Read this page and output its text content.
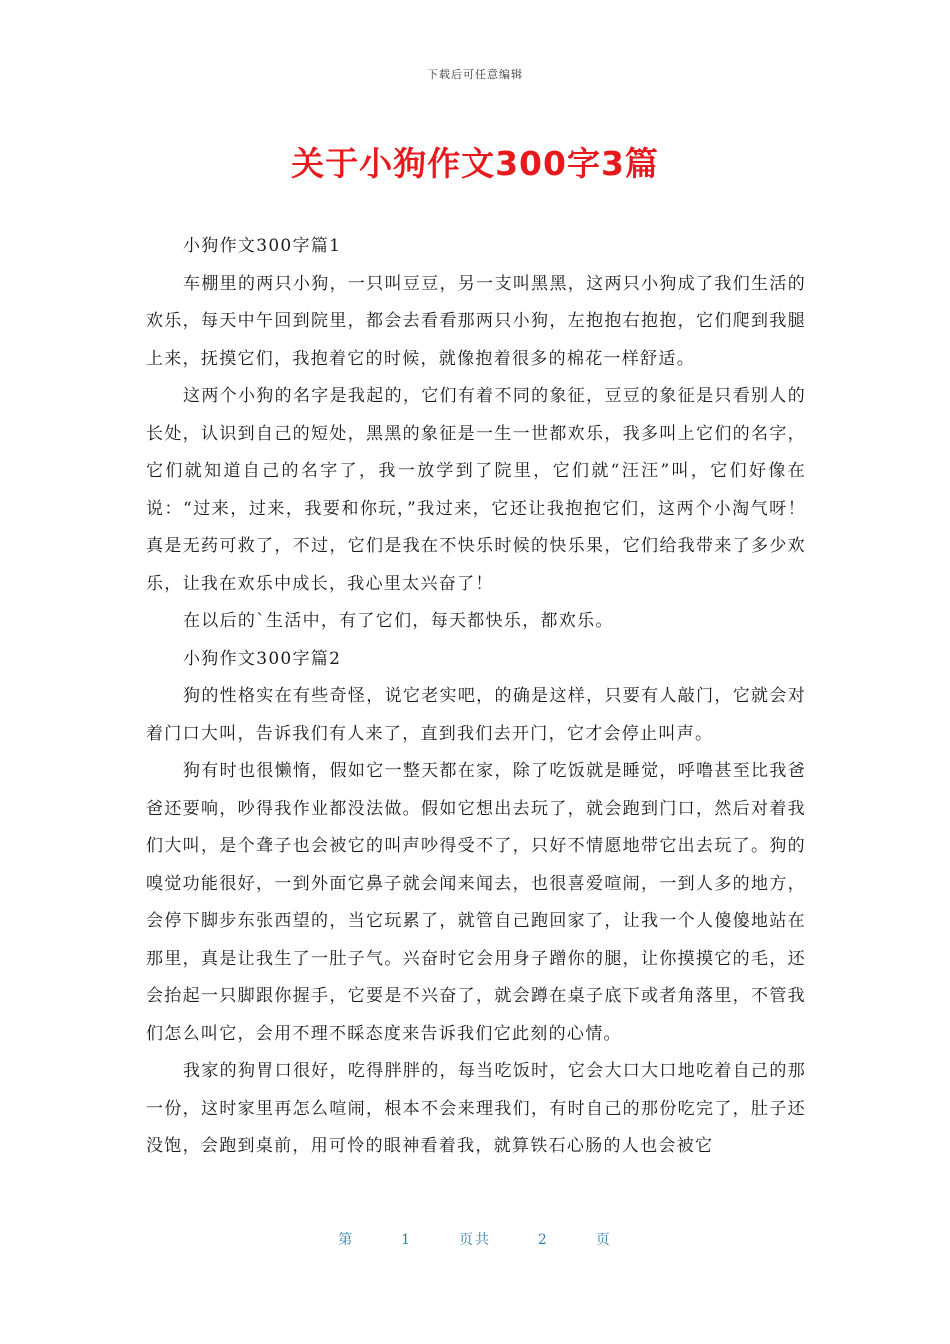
下载后可任意编辑
关于小狗作文300字3篇

小狗作文300字篇1

车棚里的两只小狗，一只叫豆豆，另一支叫黑黑，这两只小狗成了我们生活的欢乐，每天中午回到院里，都会去看看那两只小狗，左抱抱右抱抱，它们爬到我腿上来，抚摸它们，我抱着它的时候，就像抱着很多的棉花一样舒适。

这两个小狗的名字是我起的，它们有着不同的象征，豆豆的象征是只看别人的长处，认识到自己的短处，黑黑的象征是一生一世都欢乐，我多叫上它们的名字，它们就知道自己的名字了，我一放学到了院里，它们就“汪汪”叫，它们好像在说：“过来，过来，我要和你玩，”我过来，它还让我抱抱它们，这两个小淘气呀！真是无药可救了，不过，它们是我在不快乐时候的快乐果，它们给我带来了多少欢乐，让我在欢乐中成长，我心里太兴奋了！

在以后的`生活中，有了它们，每天都快乐，都欢乐。

小狗作文300字篇2

狗的性格实在有些奇怪，说它老实吧，的确是这样，只要有人敲门，它就会对着门口大叫，告诉我们有人来了，直到我们去开门，它才会停止叫声。

狗有时也很懒惰，假如它一整天都在家，除了吃饭就是睡觉，呼噜甚至比我爸爸还要响，吵得我作业都没法做。假如它想出去玩了，就会跑到门口，然后对着我们大叫，是个聋子也会被它的叫声吵得受不了，只好不情愿地带它出去玩了。狗的嗅觉功能很好，一到外面它鼻子就会闻来闻去，也很喜爱喧闹，一到人多的地方，会停下脚步东张西望的，当它玩累了，就管自己跑回家了，让我一个人傻傻地站在那里，真是让我生了一肚子气。兴奋时它会用身子蹭你的腿，让你摸摸它的毛，还会抬起一只脚跟你握手，它要是不兴奋了，就会蹲在桌子底下或者角落里，不管我们怎么叫它，会用不理不睬态度来告诉我们它此刻的心情。

我家的狗胃口很好，吃得胖胖的，每当吃饭时，它会大口大口地吃着自己的那一份，这时家里再怎么喧闹，根本不会来理我们，有时自己的那份吃完了，肚子还没饱，会跑到桌前，用可怜的眼神看着我，就算铁石心肠的人也会被它

第	1	页共	2	页
